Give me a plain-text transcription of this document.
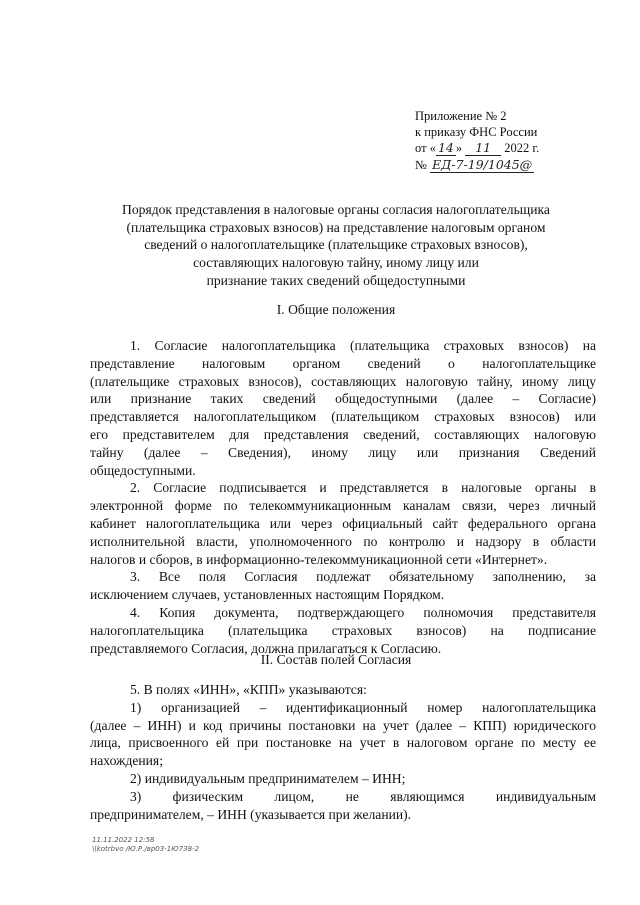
Приложение № 2
к приказу ФНС России
от « 14 » 11 2022 г.
№ ЕД-7-19/1045@
Порядок представления в налоговые органы согласия налогоплательщика
(плательщика страховых взносов) на представление налоговым органом
сведений о налогоплательщике (плательщике страховых взносов),
составляющих налоговую тайну, иному лицу или
признание таких сведений общедоступными
I. Общие положения

1. Согласие налогоплательщика (плательщика страховых взносов) на

представление налоговым органом сведений о налогоплательщике

(плательщике страховых взносов), составляющих налоговую тайну, иному лицу

или признание таких сведений общедоступными (далее – Согласие)

представляется налогоплательщиком (плательщиком страховых взносов) или

его представителем для представления сведений, составляющих налоговую

тайну (далее – Сведения), иному лицу или признания Сведений

общедоступными.

2. Согласие подписывается и представляется в налоговые органы в

электронной форме по телекоммуникационным каналам связи, через личный

кабинет налогоплательщика или через официальный сайт федерального органа

исполнительной власти, уполномоченного по контролю и надзору в области

налогов и сборов, в информационно-телекоммуникационной сети «Интернет».

3. Все поля Согласия подлежат обязательному заполнению, за

исключением случаев, установленных настоящим Порядком.

4. Копия документа, подтверждающего полномочия представителя

налогоплательщика (плательщика страховых взносов) на подписание

представляемого Согласия, должна прилагаться к Согласию.

II. Состав полей Согласия

5. В полях «ИНН», «КПП» указываются:

1) организацией – идентификационный номер налогоплательщика

(далее – ИНН) и код причины постановки на учет (далее – КПП) юридического

лица, присвоенного ей при постановке на учет в налоговом органе по месту ее

нахождения;

2) индивидуальным предпринимателем – ИНН;

3) физическим лицом, не являющимся индивидуальным

предпринимателем, – ИНН (указывается при желании).

11.11.2022 12:58
\\kotrbvo /Ю.Р./вр03-1Ю738-2
